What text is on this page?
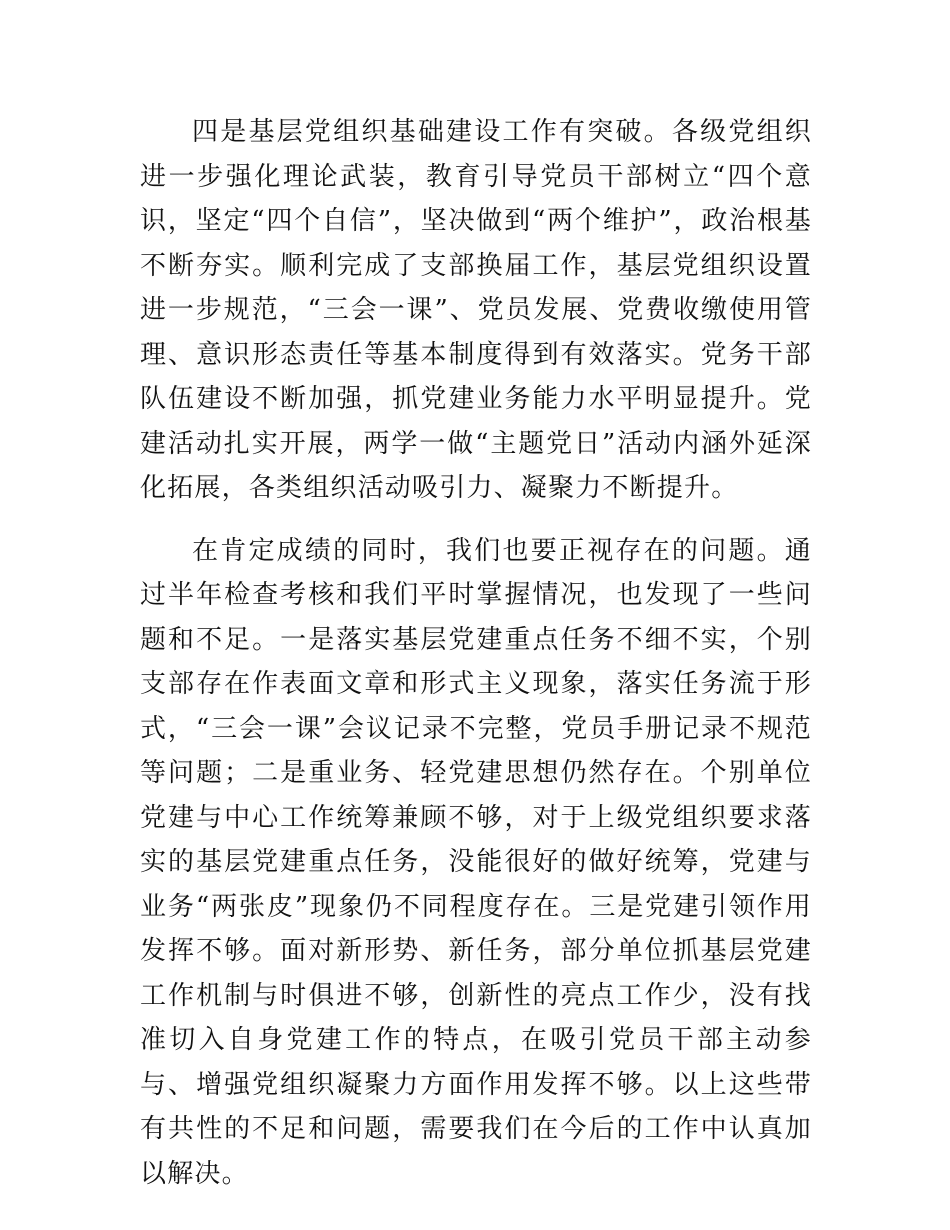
四是基层党组织基础建设工作有突破。各级党组织进一步强化理论武装，教育引导党员干部树立“四个意识，坚定“四个自信”，坚决做到“两个维护”，政治根基不断夯实。顺利完成了支部换届工作，基层党组织设置进一步规范，“三会一课”、党员发展、党费收缴使用管理、意识形态责任等基本制度得到有效落实。党务干部队伍建设不断加强，抓党建业务能力水平明显提升。党建活动扎实开展，两学一做“主题党日”活动内涵外延深化拓展，各类组织活动吸引力、凝聚力不断提升。

在肯定成绩的同时，我们也要正视存在的问题。通过半年检查考核和我们平时掌握情况，也发现了一些问题和不足。一是落实基层党建重点任务不细不实，个别支部存在作表面文章和形式主义现象，落实任务流于形式，“三会一课”会议记录不完整，党员手册记录不规范等问题；二是重业务、轻党建思想仍然存在。个别单位党建与中心工作统筹兼顾不够，对于上级党组织要求落实的基层党建重点任务，没能很好的做好统筹，党建与业务“两张皮”现象仍不同程度存在。三是党建引领作用发挥不够。面对新形势、新任务，部分单位抓基层党建工作机制与时俱进不够，创新性的亮点工作少，没有找准切入自身党建工作的特点，在吸引党员干部主动参与、增强党组织凝聚力方面作用发挥不够。以上这些带有共性的不足和问题，需要我们在今后的工作中认真加以解决。
